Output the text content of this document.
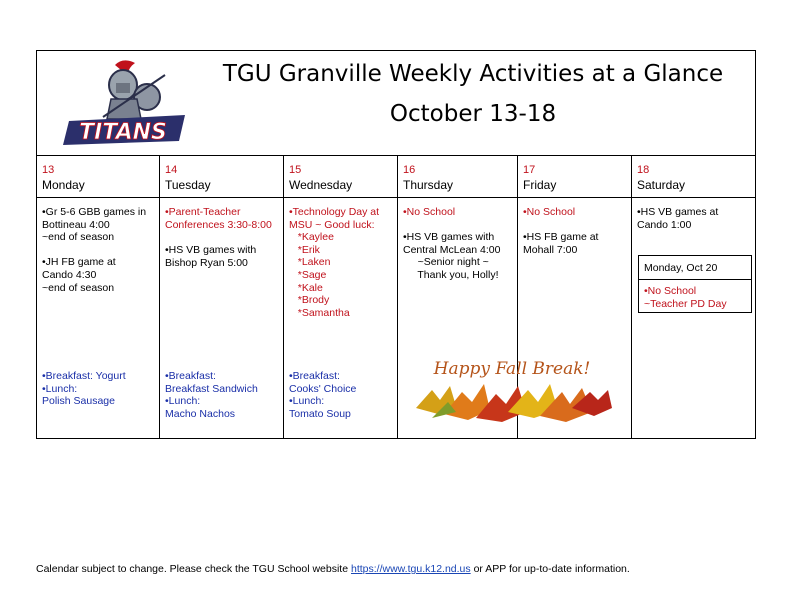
TITANS
TGU Granville Weekly Activities at a Glance
October 13-18
13
Monday
14
Tuesday
15
Wednesday
16
Thursday
17
Friday
18
Saturday
•Gr 5-6 GBB games in
Bottineau 4:00
~end of season

•JH FB game at
Cando 4:30
~end of season
•Breakfast: Yogurt
•Lunch:
Polish Sausage
•Parent-Teacher
Conferences 3:30-8:00
•HS VB games with
Bishop Ryan 5:00
•Breakfast:
Breakfast Sandwich
•Lunch:
Macho Nachos
•Technology Day at
MSU ~ Good luck:
*Kaylee
*Erik
*Laken
*Sage
*Kale
*Brody
*Samantha
•Breakfast:
Cooks' Choice
•Lunch:
Tomato Soup
•No School
•HS VB games with
Central McLean 4:00
~Senior night ~
Thank you, Holly!
•No School
•HS FB game at
Mohall 7:00
•HS VB games at
Cando 1:00
Monday, Oct 20
•No School
~Teacher PD Day
Happy Fall Break!
Calendar subject to change. Please check the TGU School website https://www.tgu.k12.nd.us or APP for up-to-date information.
